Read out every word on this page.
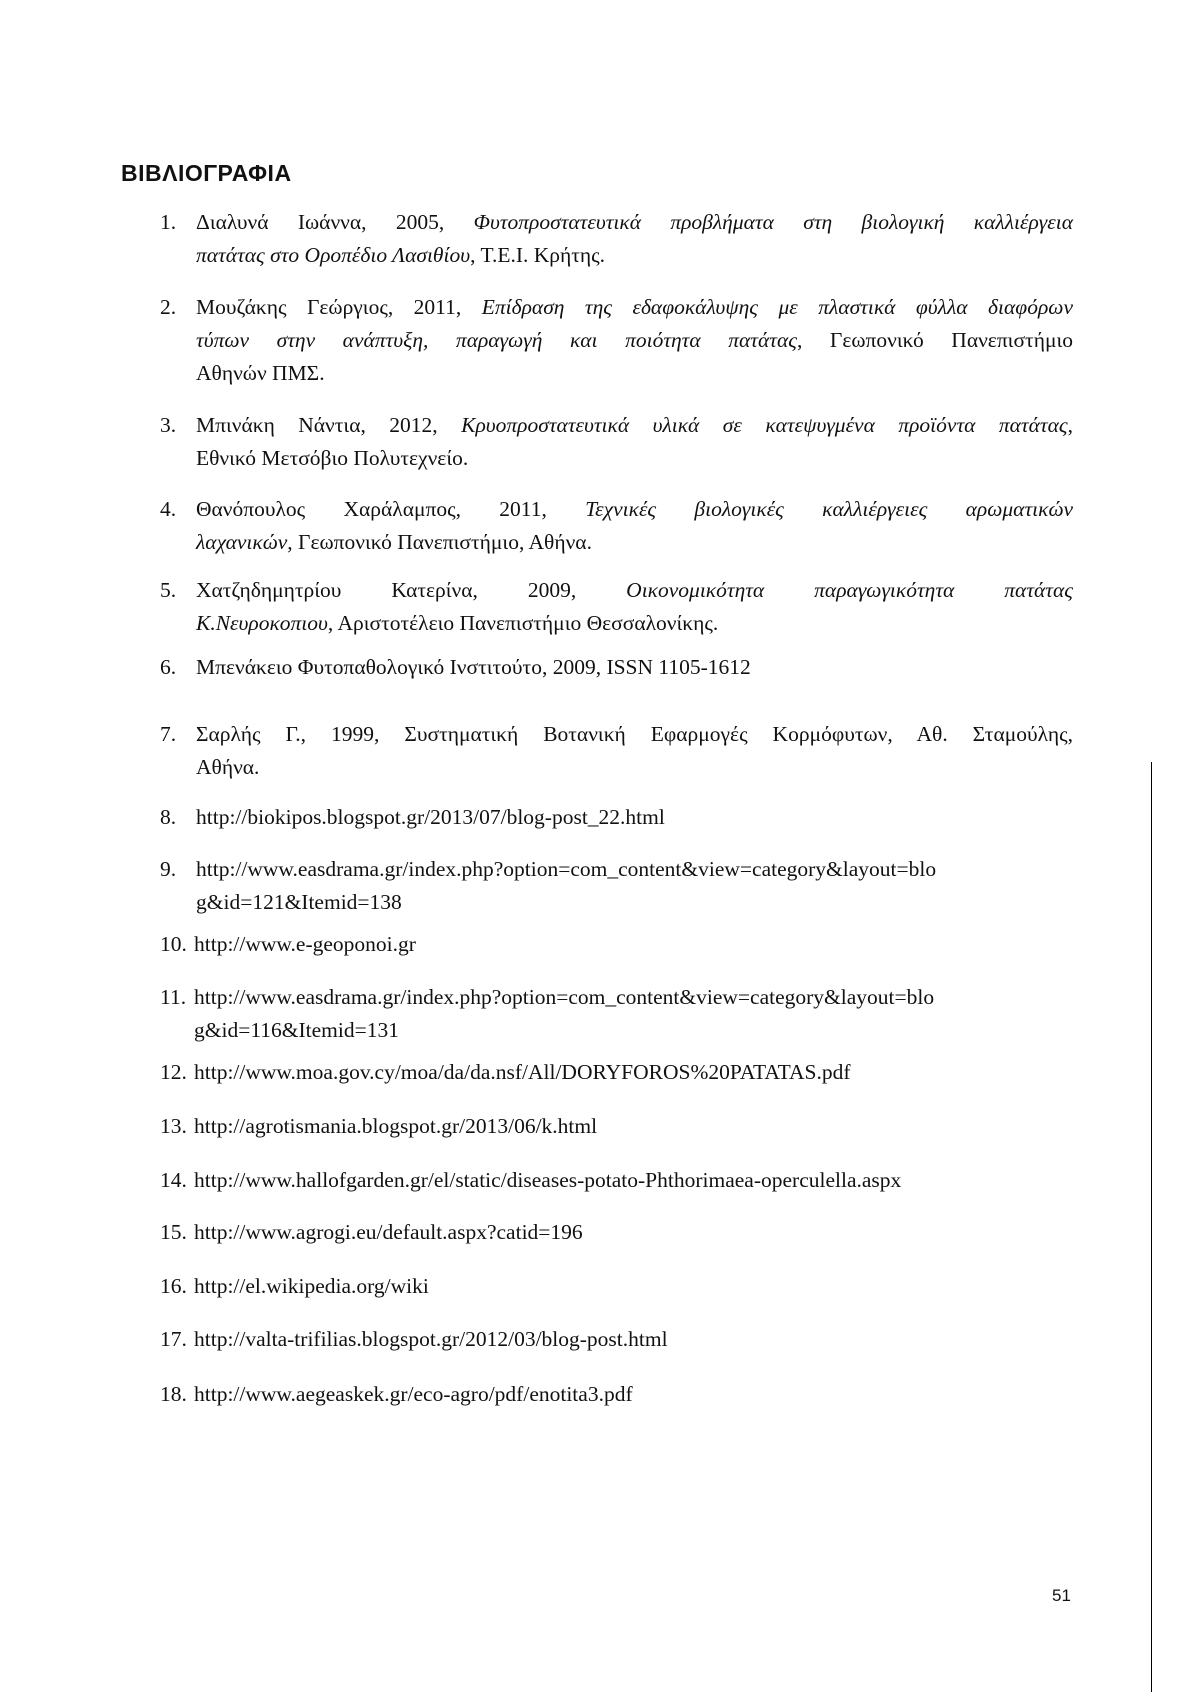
ΒΙΒΛΙΟΓΡΑΦΙΑ
1. Διαλυνά Ιωάννα, 2005, Φυτοπροστατευτικά προβλήματα στη βιολογική καλλιέργεια
πατάτας στο Οροπέδιο Λασιθίου, Τ.Ε.Ι. Κρήτης.
2. Μουζάκης Γεώργιος, 2011, Επίδραση της εδαφοκάλυψης με πλαστικά φύλλα διαφόρων
τύπων στην ανάπτυξη, παραγωγή και ποιότητα πατάτας, Γεωπονικό Πανεπιστήμιο
Αθηνών ΠΜΣ.
3. Μπινάκη Νάντια, 2012, Κρυοπροστατευτικά υλικά σε κατεψυγμένα προϊόντα πατάτας,
Εθνικό Μετσόβιο Πολυτεχνείο.
4. Θανόπουλος Χαράλαμπος, 2011, Τεχνικές βιολογικές καλλιέργειες αρωματικών
λαχανικών, Γεωπονικό Πανεπιστήμιο, Αθήνα.
5. Χατζηδημητρίου Κατερίνα, 2009, Οικονομικότητα παραγωγικότητα πατάτας
Κ.Νευροκοπιου, Αριστοτέλειο Πανεπιστήμιο Θεσσαλονίκης.
6. Μπενάκειο Φυτοπαθολογικό Ινστιτούτο, 2009, ISSN 1105-1612
7. Σαρλής Γ., 1999, Συστηματική Βοτανική Εφαρμογές Κορμόφυτων, Αθ. Σταμούλης,
Αθήνα.
8. http://biokipos.blogspot.gr/2013/07/blog-post_22.html
9. http://www.easdrama.gr/index.php?option=com_content&view=category&layout=blo
g&id=121&Itemid=138
10. http://www.e-geoponoi.gr
11. http://www.easdrama.gr/index.php?option=com_content&view=category&layout=blo
g&id=116&Itemid=131
12. http://www.moa.gov.cy/moa/da/da.nsf/All/DORYFOROS%20PATATAS.pdf
13. http://agrotismania.blogspot.gr/2013/06/k.html
14. http://www.hallofgarden.gr/el/static/diseases-potato-Phthorimaea-operculella.aspx
15. http://www.agrogi.eu/default.aspx?catid=196
16. http://el.wikipedia.org/wiki
17. http://valta-trifilias.blogspot.gr/2012/03/blog-post.html
18. http://www.aegeaskek.gr/eco-agro/pdf/enotita3.pdf
51
